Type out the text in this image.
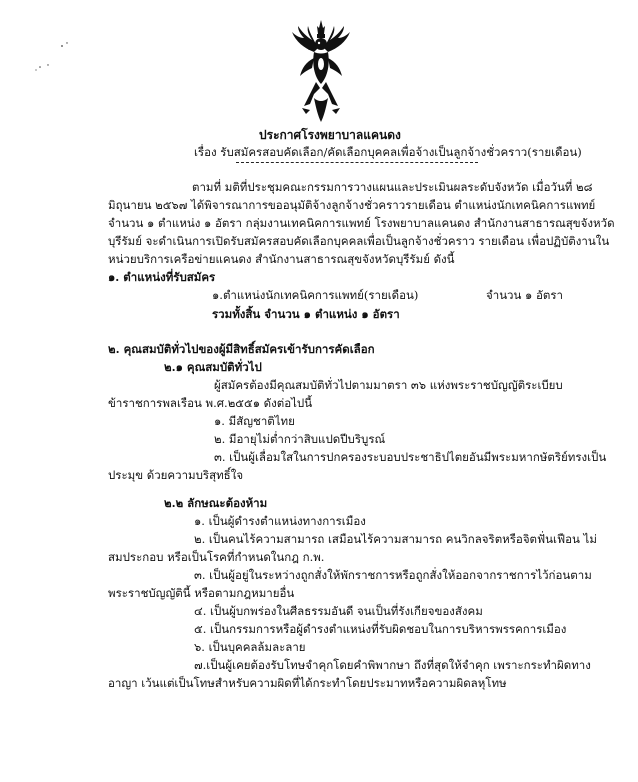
ประกาศโรงพยาบาลแคนดง
เรื่อง รับสมัครสอบคัดเลือก/คัดเลือกบุคคลเพื่อจ้างเป็นลูกจ้างชั่วคราว(รายเดือน)
ตามที่ มติที่ประชุมคณะกรรมการวางแผนและประเมินผลระดับจังหวัด เมื่อวันที่ ๒๘
มิถุนายน ๒๕๖๗ ได้พิจารณาการขออนุมัติจ้างลูกจ้างชั่วคราวรายเดือน ตำแหน่งนักเทคนิคการแพทย์
จำนวน ๑ ตำแหน่ง ๑ อัตรา กลุ่มงานเทคนิคการแพทย์ โรงพยาบาลแคนดง สำนักงานสาธารณสุขจังหวัด
บุรีรัมย์ จะดำเนินการเปิดรับสมัครสอบคัดเลือกบุคคลเพื่อเป็นลูกจ้างชั่วคราว รายเดือน เพื่อปฏิบัติงานใน
หน่วยบริการเครือข่ายแคนดง สำนักงานสาธารณสุขจังหวัดบุรีรัมย์ ดังนี้
๑. ตำแหน่งที่รับสมัคร
๑.ตำแหน่งนักเทคนิคการแพทย์(รายเดือน)	จำนวน ๑ อัตรา
รวมทั้งสิ้น จำนวน ๑ ตำแหน่ง ๑ อัตรา
๒. คุณสมบัติทั่วไปของผู้มีสิทธิ์สมัครเข้ารับการคัดเลือก
๒.๑ คุณสมบัติทั่วไป
ผู้สมัครต้องมีคุณสมบัติทั่วไปตามมาตรา ๓๖ แห่งพระราชบัญญัติระเบียบ
ข้าราชการพลเรือน พ.ศ.๒๕๕๑ ดังต่อไปนี้
๑. มีสัญชาติไทย
๒. มีอายุไม่ต่ำกว่าสิบแปดปีบริบูรณ์
๓. เป็นผู้เลื่อมใสในการปกครองระบอบประชาธิปไตยอันมีพระมหากษัตริย์ทรงเป็น
ประมุข ด้วยความบริสุทธิ์ใจ
๒.๒ ลักษณะต้องห้าม
๑. เป็นผู้ดำรงตำแหน่งทางการเมือง
๒. เป็นคนไร้ความสามารถ เสมือนไร้ความสามารถ คนวิกลจริตหรือจิตฟั่นเฟือน ไม่
สมประกอบ หรือเป็นโรคที่กำหนดในกฎ ก.พ.
๓. เป็นผู้อยู่ในระหว่างถูกสั่งให้พักราชการหรือถูกสั่งให้ออกจากราชการไว้ก่อนตาม
พระราชบัญญัตินี้ หรือตามกฎหมายอื่น
๔. เป็นผู้บกพร่องในศีลธรรมอันดี จนเป็นที่รังเกียจของสังคม
๕. เป็นกรรมการหรือผู้ดำรงตำแหน่งที่รับผิดชอบในการบริหารพรรคการเมือง
๖. เป็นบุคคลล้มละลาย
๗.เป็นผู้เคยต้องรับโทษจำคุกโดยคำพิพากษา ถึงที่สุดให้จำคุก เพราะกระทำผิดทาง
อาญา เว้นแต่เป็นโทษสำหรับความผิดที่ได้กระทำโดยประมาทหรือความผิดลหุโทษ
